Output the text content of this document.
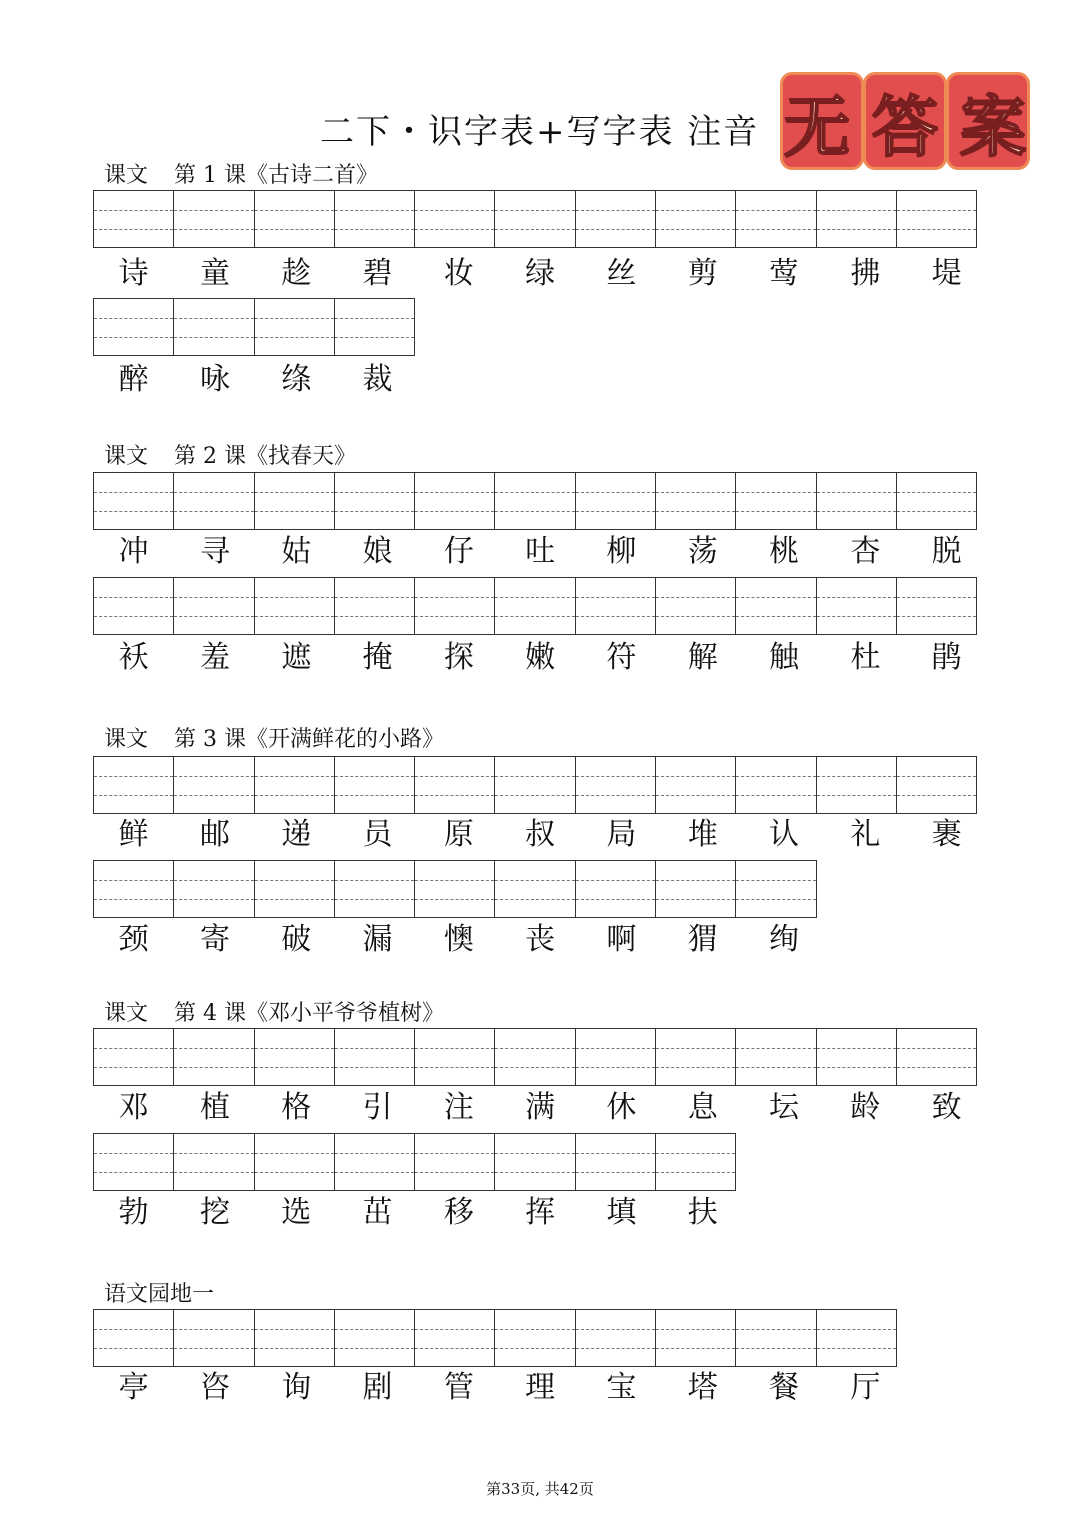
二下・识字表+写字表 注音 无 答 案
课文 第 1 课《古诗二首》
诗	童	趁	碧	妆	绿	丝	剪	莺	拂	堤
醉	咏	绦	裁
课文 第 2 课《找春天》
冲	寻	姑	娘	仔	吐	柳	荡	桃	杏	脱
袄	羞	遮	掩	探	嫩	符	解	触	杜	鹃
课文 第 3 课《开满鲜花的小路》
鲜	邮	递	员	原	叔	局	堆	认	礼	裹
颈	寄	破	漏	懊	丧	啊	猬	绚
课文 第 4 课《邓小平爷爷植树》
邓	植	格	引	注	满	休	息	坛	龄	致
勃	挖	选	茁	移	挥	填	扶
语文园地一
亭	咨	询	剧	管	理	宝	塔	餐	厅
第33页, 共42页
